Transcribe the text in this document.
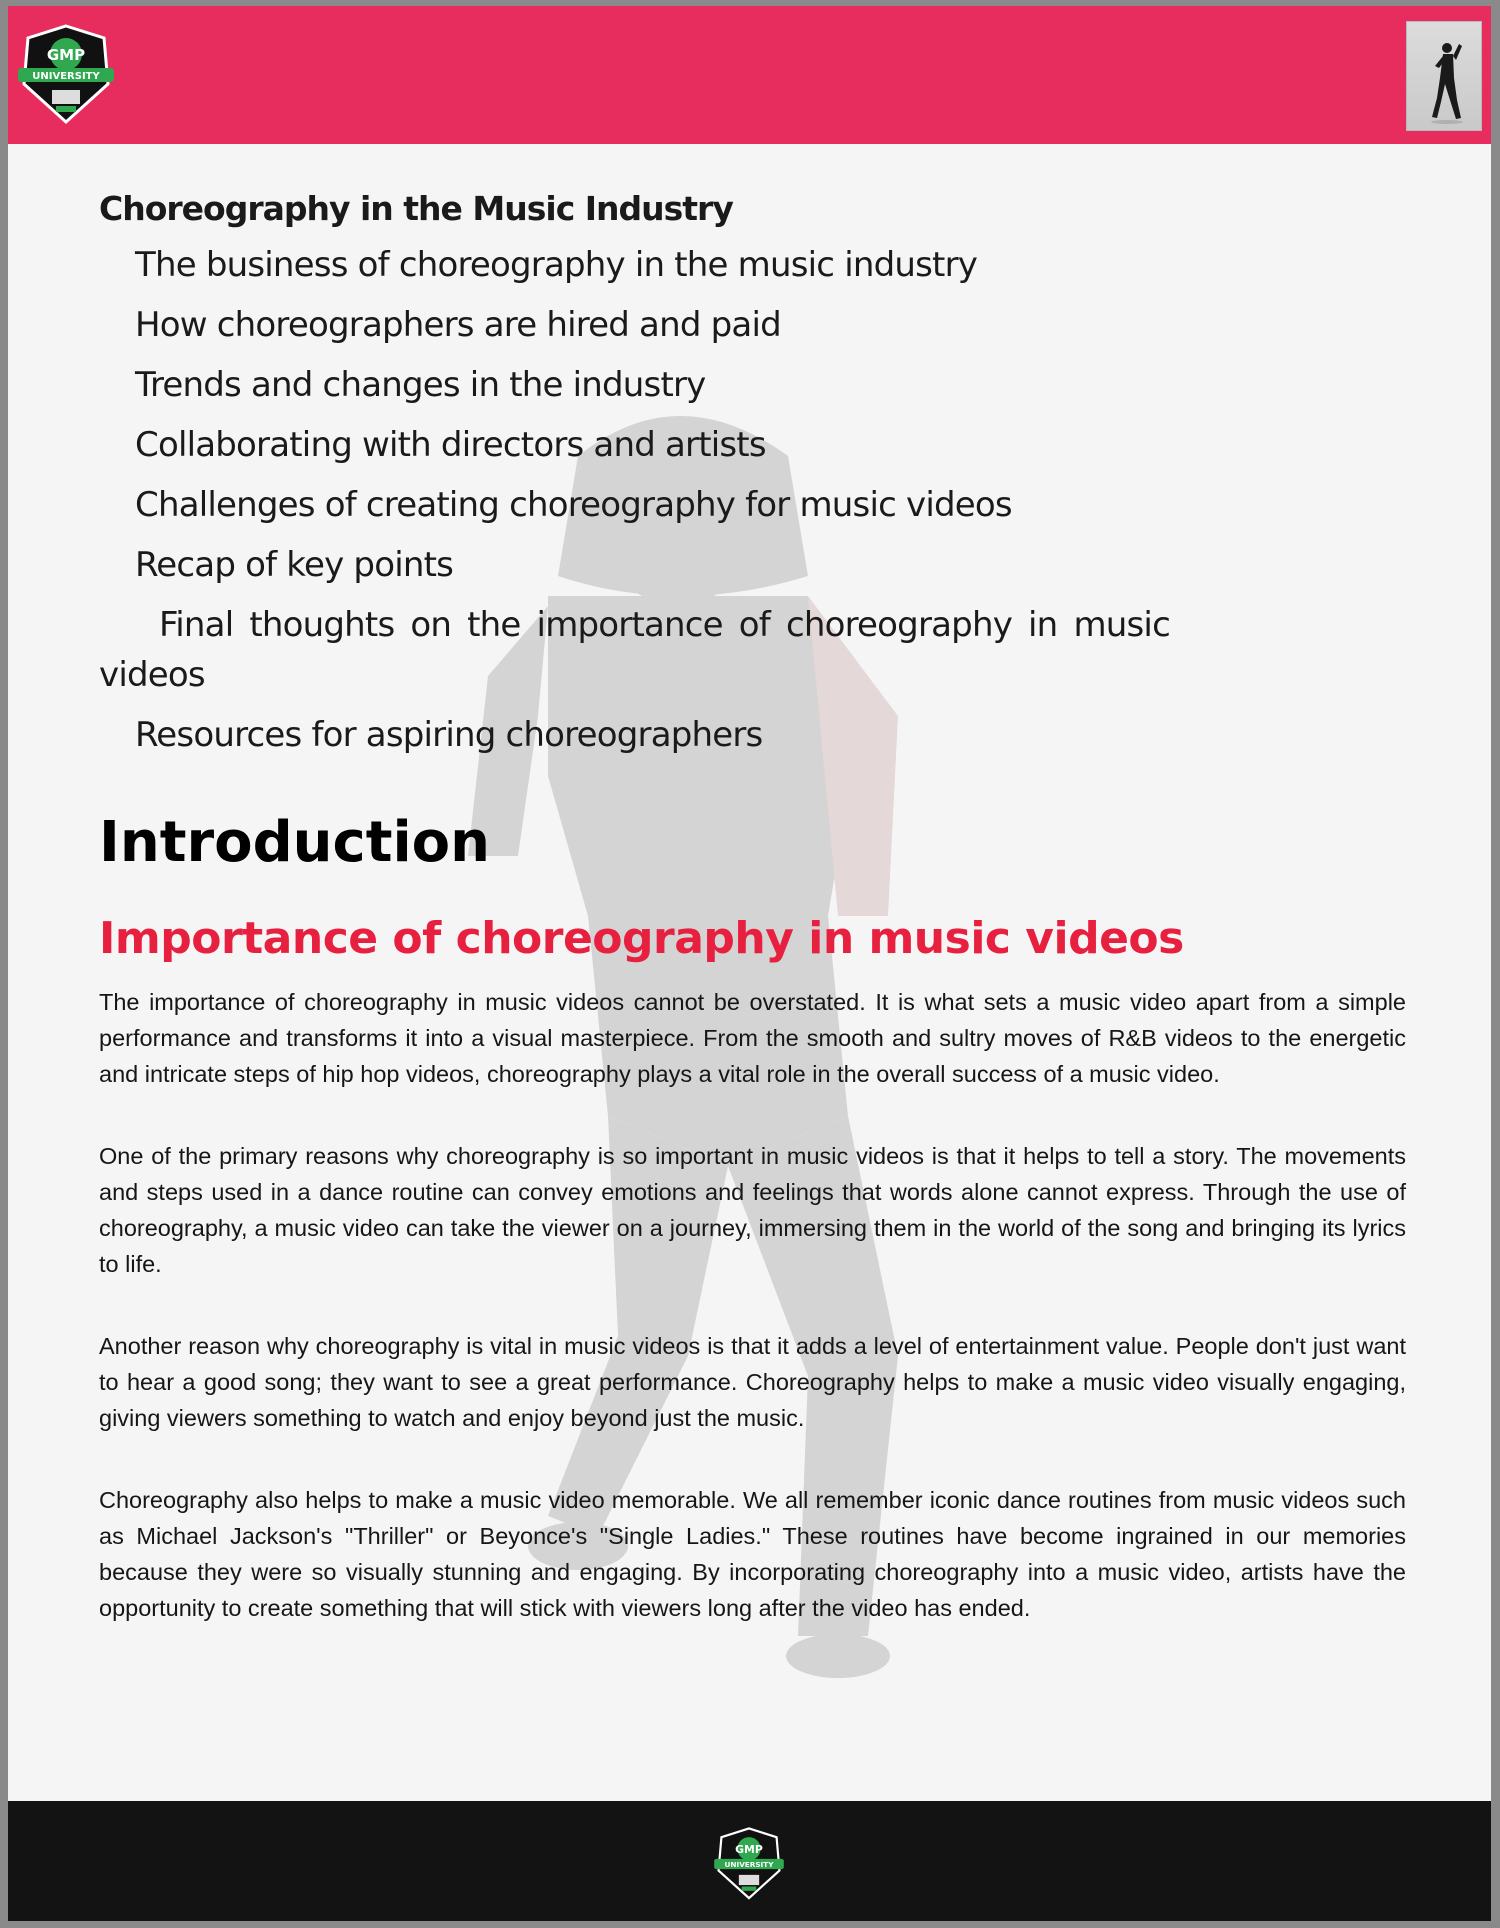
GMP
UNIVERSITY
Choreography in the Music Industry
The business of choreography in the music industry
How choreographers are hired and paid
Trends and changes in the industry
Collaborating with directors and artists
Challenges of creating choreography for music videos
Recap of key points
Final thoughts on the importance of choreography in music
videos
Resources for aspiring choreographers
Introduction
Importance of choreography in music videos

The importance of choreography in music videos cannot be overstated. It is what sets a music video apart from a simple performance and transforms it into a visual masterpiece. From the smooth and sultry moves of R&B videos to the energetic and intricate steps of hip hop videos, choreography plays a vital role in the overall success of a music video.

One of the primary reasons why choreography is so important in music videos is that it helps to tell a story. The movements and steps used in a dance routine can convey emotions and feelings that words alone cannot express. Through the use of choreography, a music video can take the viewer on a journey, immersing them in the world of the song and bringing its lyrics to life.

Another reason why choreography is vital in music videos is that it adds a level of entertainment value. People don't just want to hear a good song; they want to see a great performance. Choreography helps to make a music video visually engaging, giving viewers something to watch and enjoy beyond just the music.

Choreography also helps to make a music video memorable. We all remember iconic dance routines from music videos such as Michael Jackson's "Thriller" or Beyonce's "Single Ladies." These routines have become ingrained in our memories because they were so visually stunning and engaging. By incorporating choreography into a music video, artists have the opportunity to create something that will stick with viewers long after the video has ended.

GMP
UNIVERSITY
